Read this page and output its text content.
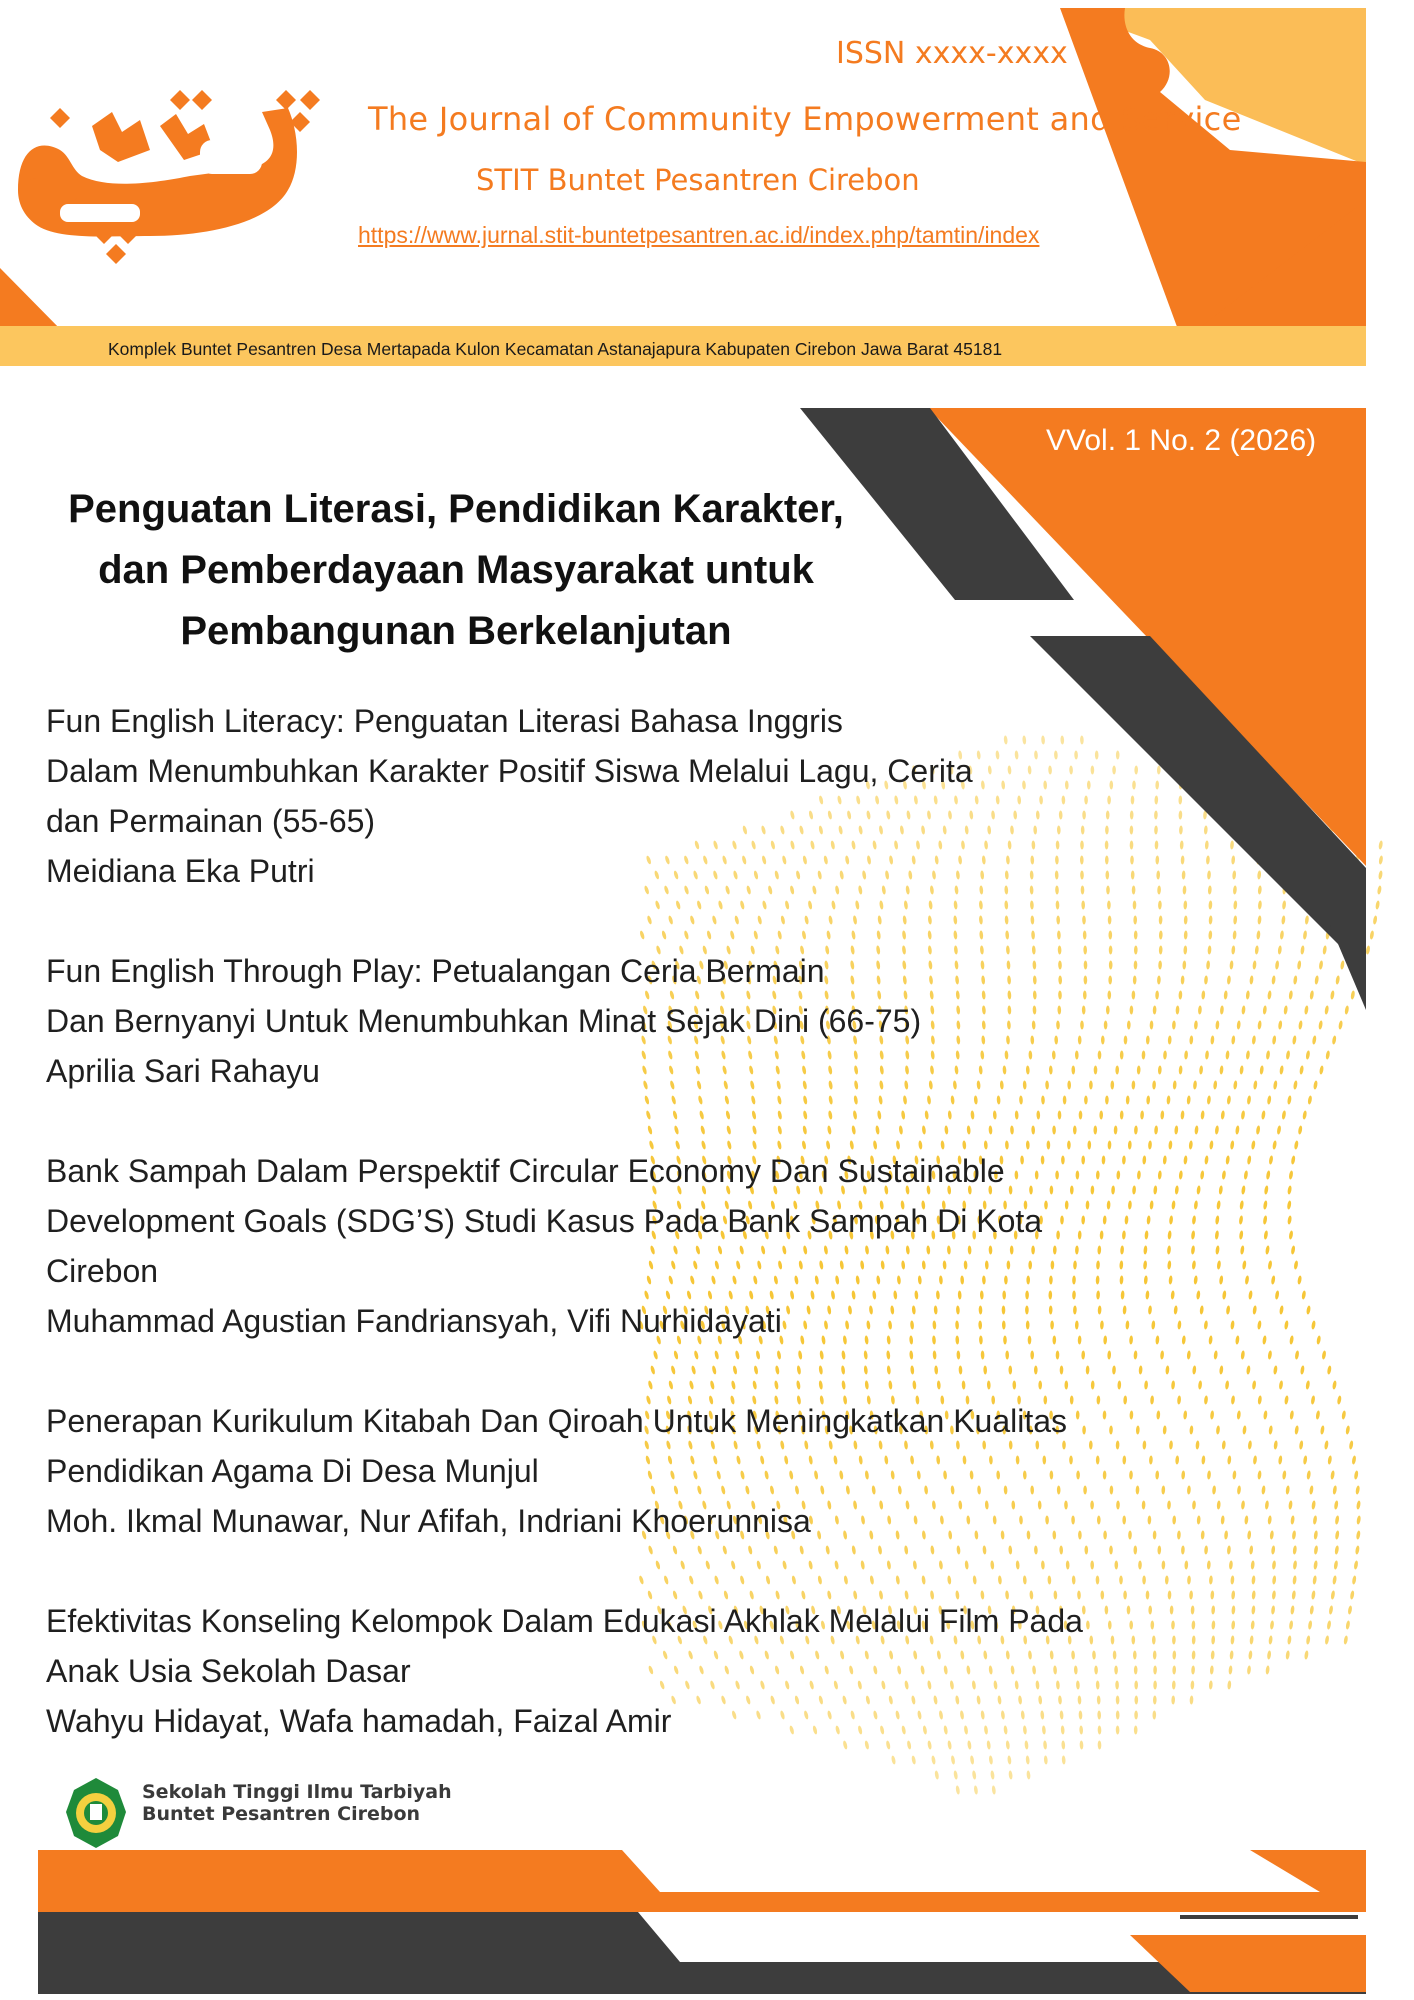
ISSN xxxx-xxxx
The Journal of Community Empowerment and Service
STIT Buntet Pesantren Cirebon
https://www.jurnal.stit-buntetpesantren.ac.id/index.php/tamtin/index
Komplek Buntet Pesantren Desa Mertapada Kulon Kecamatan Astanajapura Kabupaten Cirebon Jawa Barat 45181
VVol. 1 No. 2 (2026)
Penguatan Literasi, Pendidikan Karakter,
dan Pemberdayaan Masyarakat untuk
Pembangunan Berkelanjutan
Fun English Literacy: Penguatan Literasi Bahasa Inggris
Dalam Menumbuhkan Karakter Positif Siswa Melalui Lagu, Cerita
dan Permainan (55-65)
Meidiana Eka Putri
Fun English Through Play: Petualangan Ceria Bermain
Dan Bernyanyi Untuk Menumbuhkan Minat Sejak Dini (66-75)
Aprilia Sari Rahayu
Bank Sampah Dalam Perspektif Circular Economy Dan Sustainable
Development Goals (SDG’S) Studi Kasus Pada Bank Sampah Di Kota
Cirebon
Muhammad Agustian Fandriansyah, Vifi Nurhidayati
Penerapan Kurikulum Kitabah Dan Qiroah Untuk Meningkatkan Kualitas
Pendidikan Agama Di Desa Munjul
Moh. Ikmal Munawar, Nur Afifah, Indriani Khoerunnisa
Efektivitas Konseling Kelompok Dalam Edukasi Akhlak Melalui Film Pada
Anak Usia Sekolah Dasar
Wahyu Hidayat, Wafa hamadah, Faizal Amir
Sekolah Tinggi Ilmu Tarbiyah
Buntet Pesantren Cirebon
